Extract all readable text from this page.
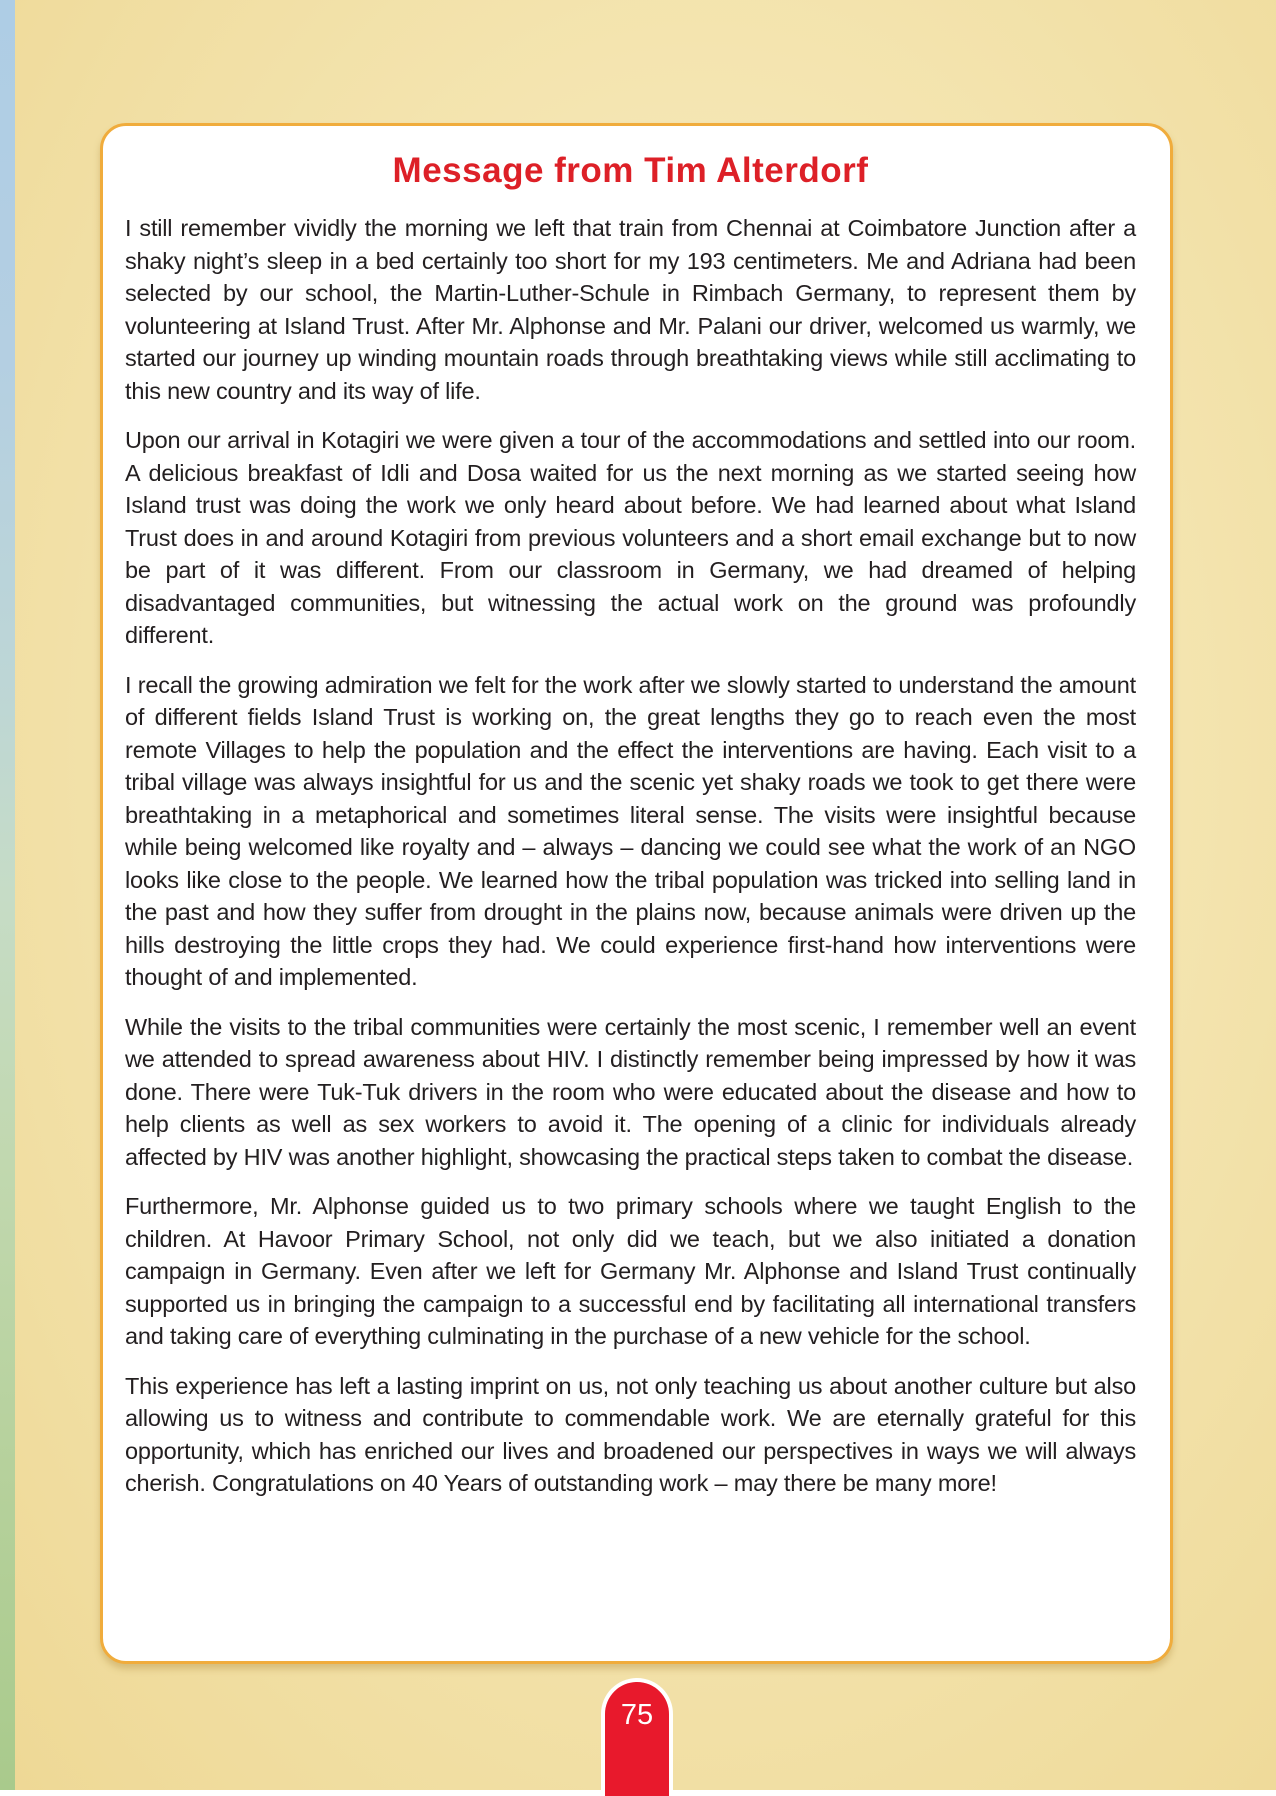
Message from Tim Alterdorf

I still remember vividly the morning we left that train from Chennai at Coimbatore Junction after a shaky night’s sleep in a bed certainly too short for my 193 centimeters. Me and Adriana had been selected by our school, the Martin-Luther-Schule in Rimbach Germany, to represent them by volunteering at Island Trust. After Mr. Alphonse and Mr. Palani our driver, welcomed us warmly, we started our journey up winding mountain roads through breathtaking views while still acclimating to this new country and its way of life.

Upon our arrival in Kotagiri we were given a tour of the accommodations and settled into our room. A delicious breakfast of Idli and Dosa waited for us the next morning as we started seeing how Island trust was doing the work we only heard about before. We had learned about what Island Trust does in and around Kotagiri from previous volunteers and a short email exchange but to now be part of it was different. From our classroom in Germany, we had dreamed of helping disadvantaged communities, but witnessing the actual work on the ground was profoundly different.

I recall the growing admiration we felt for the work after we slowly started to understand the amount of different fields Island Trust is working on, the great lengths they go to reach even the most remote Villages to help the population and the effect the interventions are having. Each visit to a tribal village was always insightful for us and the scenic yet shaky roads we took to get there were breathtaking in a metaphorical and sometimes literal sense. The visits were insightful because while being welcomed like royalty and – always – dancing we could see what the work of an NGO looks like close to the people. We learned how the tribal population was tricked into selling land in the past and how they suffer from drought in the plains now, because animals were driven up the hills destroying the little crops they had. We could experience first-hand how interventions were thought of and implemented.

While the visits to the tribal communities were certainly the most scenic, I remember well an event we attended to spread awareness about HIV. I distinctly remember being impressed by how it was done. There were Tuk-Tuk drivers in the room who were educated about the disease and how to help clients as well as sex workers to avoid it. The opening of a clinic for individuals already affected by HIV was another highlight, showcasing the practical steps taken to combat the disease.

Furthermore, Mr. Alphonse guided us to two primary schools where we taught English to the children. At Havoor Primary School, not only did we teach, but we also initiated a donation campaign in Germany. Even after we left for Germany Mr. Alphonse and Island Trust continually supported us in bringing the campaign to a successful end by facilitating all international transfers and taking care of everything culminating in the purchase of a new vehicle for the school.

This experience has left a lasting imprint on us, not only teaching us about another culture but also allowing us to witness and contribute to commendable work. We are eternally grateful for this opportunity, which has enriched our lives and broadened our perspectives in ways we will always cherish. Congratulations on 40 Years of outstanding work – may there be many more!

75
